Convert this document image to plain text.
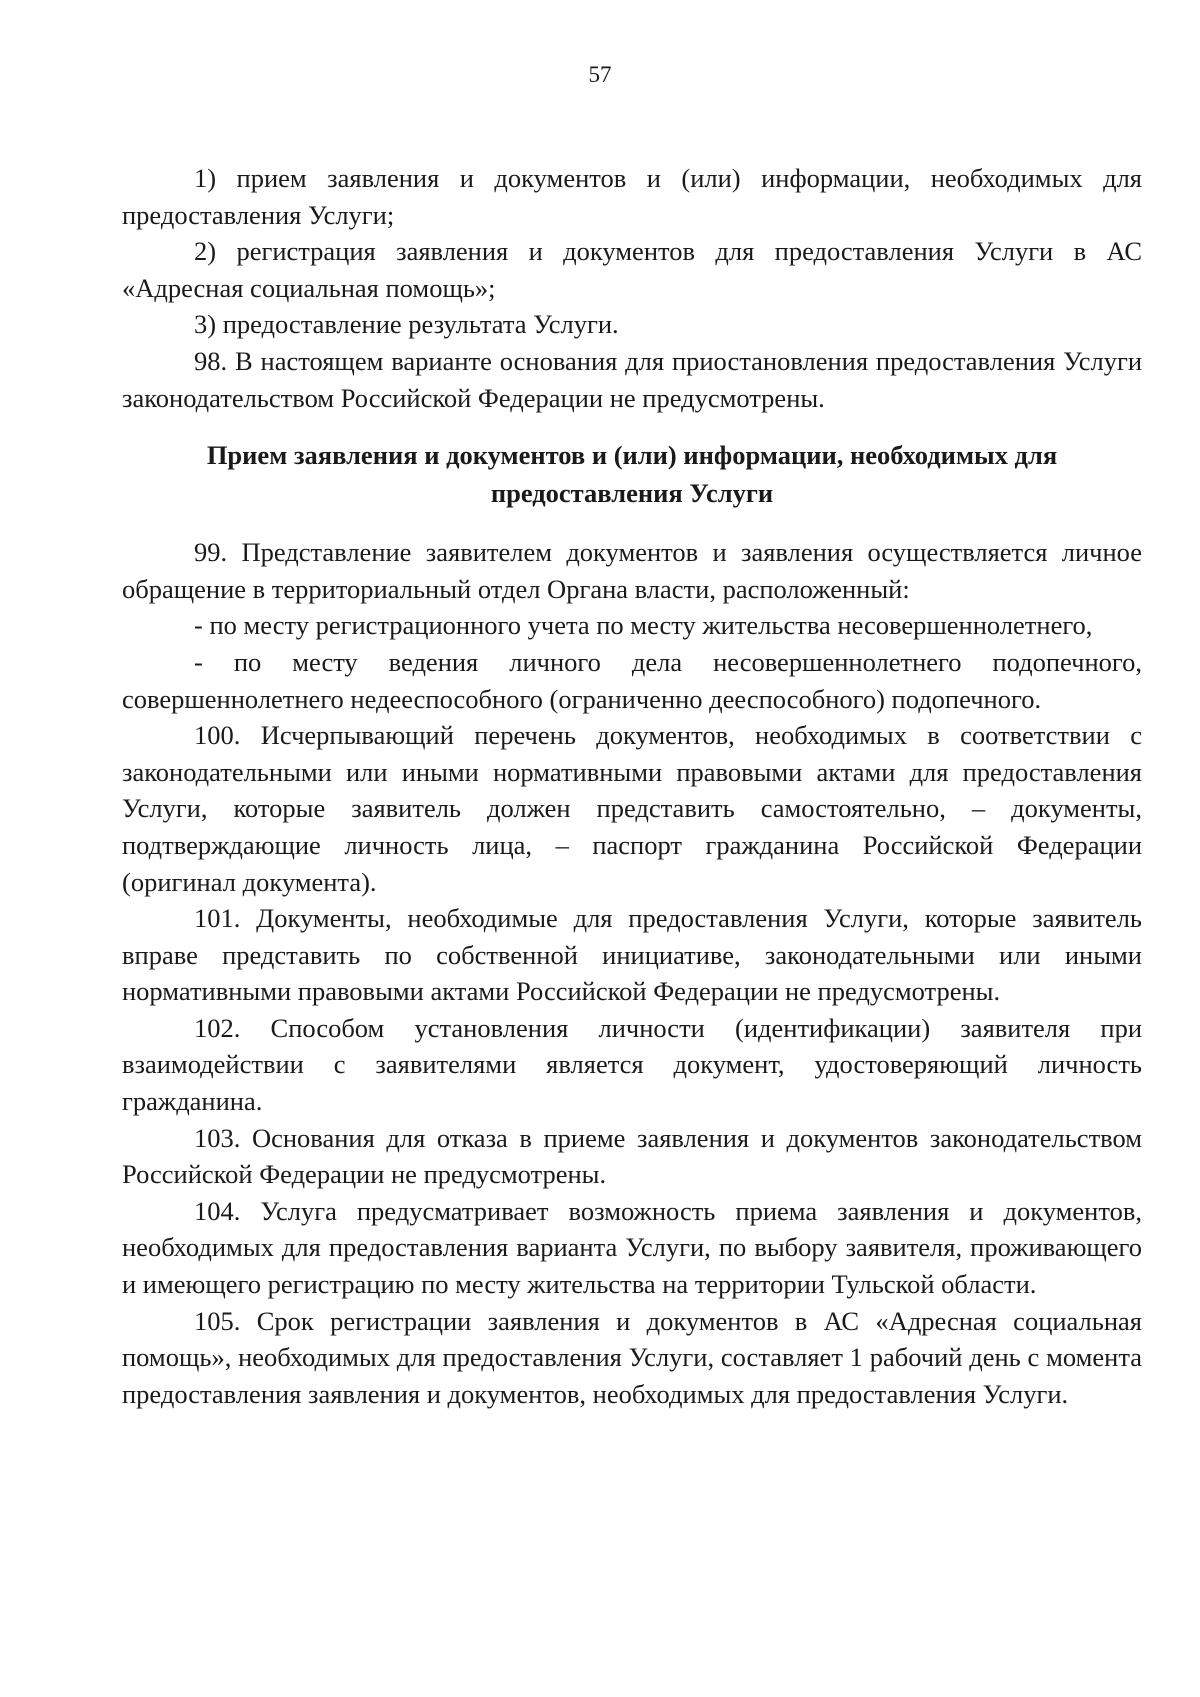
57

1) прием заявления и документов и (или) информации, необходимых для предоставления Услуги;

2) регистрация заявления и документов для предоставления Услуги в АС «Адресная социальная помощь»;

3) предоставление результата Услуги.

98. В настоящем варианте основания для приостановления предоставления Услуги законодательством Российской Федерации не предусмотрены.

Прием заявления и документов и (или) информации, необходимых для предоставления Услуги

99. Представление заявителем документов и заявления осуществляется личное обращение в территориальный отдел Органа власти, расположенный:

- по месту регистрационного учета по месту жительства несовершеннолетнего,

- по месту ведения личного дела несовершеннолетнего подопечного, совершеннолетнего недееспособного (ограниченно дееспособного) подопечного.

100. Исчерпывающий перечень документов, необходимых в соответствии с законодательными или иными нормативными правовыми актами для предоставления Услуги, которые заявитель должен представить самостоятельно, – документы, подтверждающие личность лица, – паспорт гражданина Российской Федерации (оригинал документа).

101. Документы, необходимые для предоставления Услуги, которые заявитель вправе представить по собственной инициативе, законодательными или иными нормативными правовыми актами Российской Федерации не предусмотрены.

102. Способом установления личности (идентификации) заявителя при взаимодействии с заявителями является документ, удостоверяющий личность гражданина.

103. Основания для отказа в приеме заявления и документов законодательством Российской Федерации не предусмотрены.

104. Услуга предусматривает возможность приема заявления и документов, необходимых для предоставления варианта Услуги, по выбору заявителя, проживающего и имеющего регистрацию по месту жительства на территории Тульской области.

105. Срок регистрации заявления и документов в АС «Адресная социальная помощь», необходимых для предоставления Услуги, составляет 1 рабочий день с момента предоставления заявления и документов, необходимых для предоставления Услуги.
